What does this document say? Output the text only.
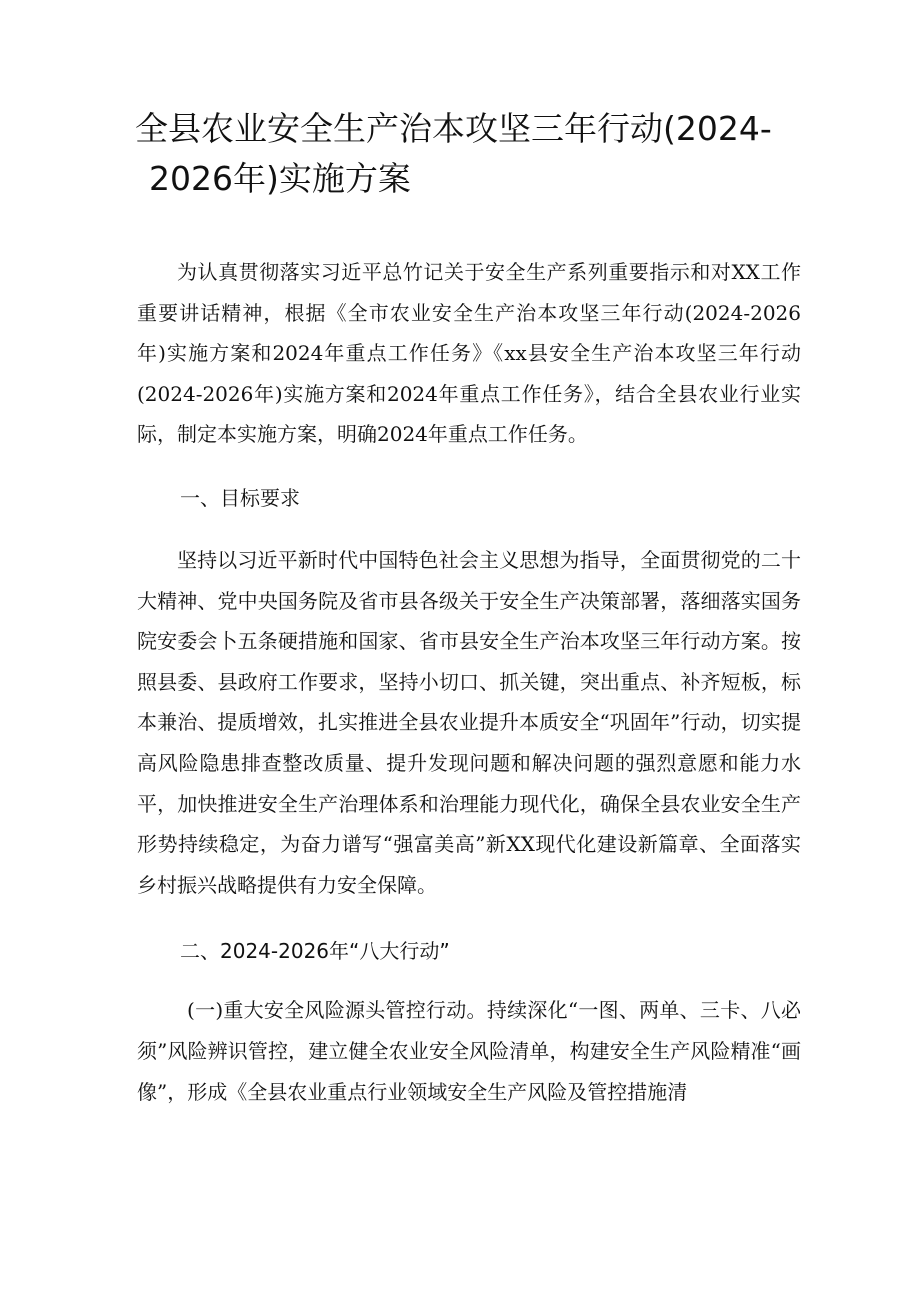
全县农业安全生产治本攻坚三年行动(2024-
2026年)实施方案

为认真贯彻落实习近平总竹记关于安全生产系列重要指示和对XX工作重要讲话精神，根据《全市农业安全生产治本攻坚三年行动(2024-2026年)实施方案和2024年重点工作任务》《xx县安全生产治本攻坚三年行动(2024-2026年)实施方案和2024年重点工作任务》，结合全县农业行业实际，制定本实施方案，明确2024年重点工作任务。

一、目标要求

坚持以习近平新时代中国特色社会主义思想为指导，全面贯彻党的二十大精神、党中央国务院及省市县各级关于安全生产决策部署，落细落实国务院安委会卜五条硬措施和国家、省市县安全生产治本攻坚三年行动方案。按照县委、县政府工作要求，坚持小切口、抓关键，突出重点、补齐短板，标本兼治、提质增效，扎实推进全县农业提升本质安全“巩固年”行动，切实提高风险隐患排查整改质量、提升发现问题和解决问题的强烈意愿和能力水平，加快推进安全生产治理体系和治理能力现代化，确保全县农业安全生产形势持续稳定，为奋力谱写“强富美高”新XX现代化建设新篇章、全面落实乡村振兴战略提供有力安全保障。

二、2024-2026年“八大行动”

(一)重大安全风险源头管控行动。持续深化“一图、两单、三卡、八必须”风险辨识管控，建立健全农业安全风险清单，构建安全生产风险精准“画像”，形成《全县农业重点行业领域安全生产风险及管控措施清
